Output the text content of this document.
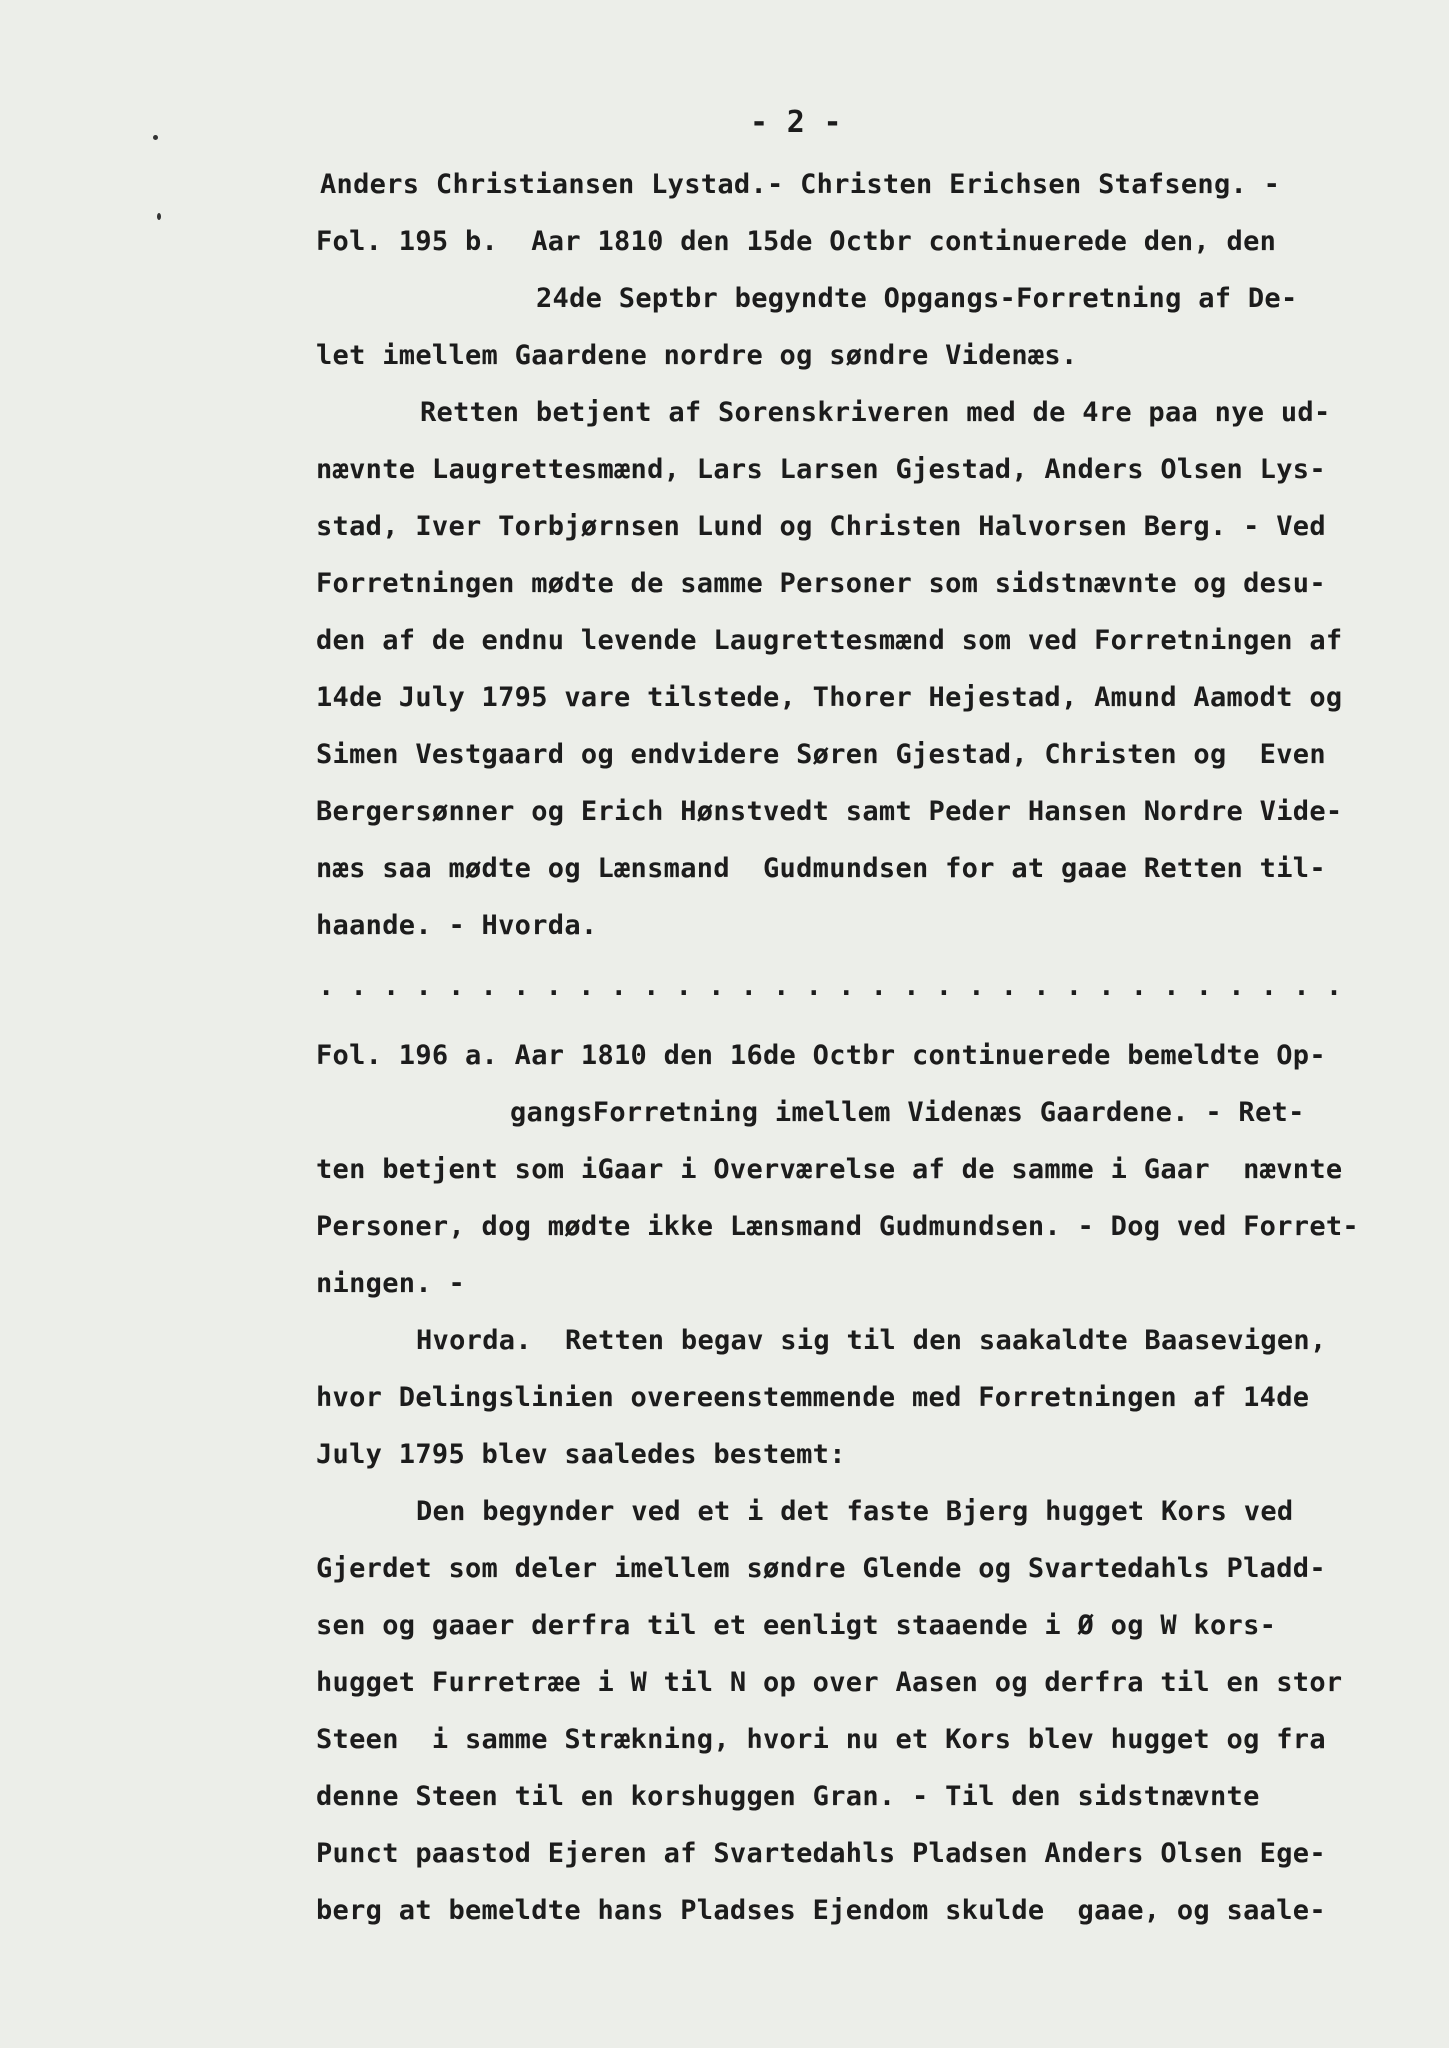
- 2 -
Anders Christiansen Lystad.- Christen Erichsen Stafseng. -
Fol. 195 b.  Aar 1810 den 15de Octbr continuerede den, den
24de Septbr begyndte Opgangs-Forretning af De-
let imellem Gaardene nordre og søndre Videnæs.
Retten betjent af Sorenskriveren med de 4re paa nye ud-
nævnte Laugrettesmænd, Lars Larsen Gjestad, Anders Olsen Lys-
stad, Iver Torbjørnsen Lund og Christen Halvorsen Berg. - Ved
Forretningen mødte de samme Personer som sidstnævnte og desu-
den af de endnu levende Laugrettesmænd som ved Forretningen af
14de July 1795 vare tilstede, Thorer Hejestad, Amund Aamodt og
Simen Vestgaard og endvidere Søren Gjestad, Christen og  Even
Bergersønner og Erich Hønstvedt samt Peder Hansen Nordre Vide-
næs saa mødte og Lænsmand  Gudmundsen for at gaae Retten til-
haande. - Hvorda.
. . . . . . . . . . . . . . . . . . . . . . . . . . . . . . . .
Fol. 196 a. Aar 1810 den 16de Octbr continuerede bemeldte Op-
gangsForretning imellem Videnæs Gaardene. - Ret-
ten betjent som iGaar i Overværelse af de samme i Gaar  nævnte
Personer, dog mødte ikke Lænsmand Gudmundsen. - Dog ved Forret-
ningen. -
Hvorda.  Retten begav sig til den saakaldte Baasevigen,
hvor Delingslinien overeenstemmende med Forretningen af 14de
July 1795 blev saaledes bestemt:
Den begynder ved et i det faste Bjerg hugget Kors ved
Gjerdet som deler imellem søndre Glende og Svartedahls Pladd-
sen og gaaer derfra til et eenligt staaende i Ø og W kors-
hugget Furretræe i W til N op over Aasen og derfra til en stor
Steen  i samme Strækning, hvori nu et Kors blev hugget og fra
denne Steen til en korshuggen Gran. - Til den sidstnævnte
Punct paastod Ejeren af Svartedahls Pladsen Anders Olsen Ege-
berg at bemeldte hans Pladses Ejendom skulde  gaae, og saale-
